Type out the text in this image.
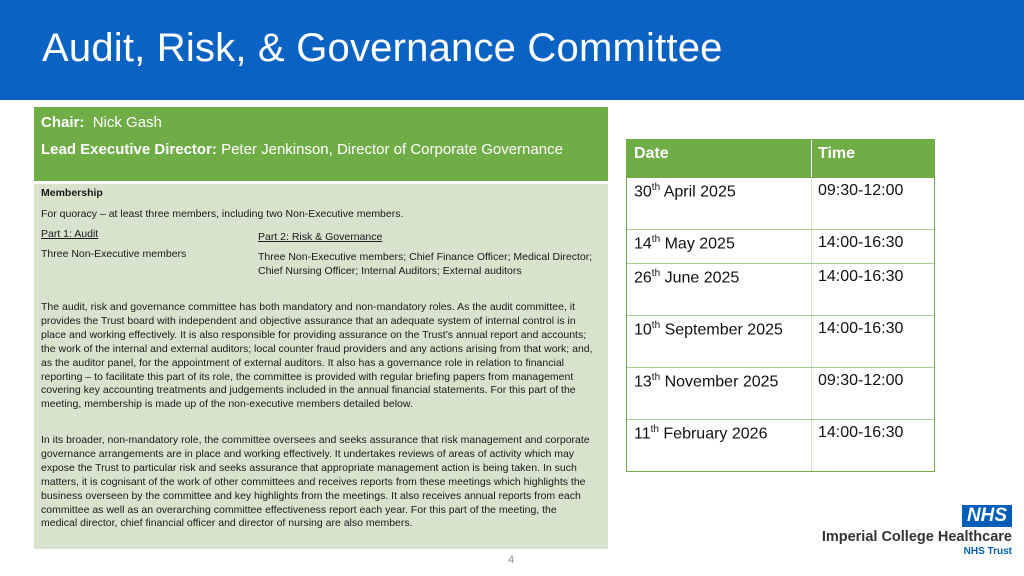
Audit, Risk, & Governance Committee
Chair: Nick Gash
Lead Executive Director: Peter Jenkinson, Director of Corporate Governance
Membership
For quoracy – at least three members, including two Non-Executive members.
Part 1: Audit
Three Non-Executive members
Part 2: Risk & Governance
Three Non-Executive members; Chief Finance Officer; Medical Director; Chief Nursing Officer; Internal Auditors; External auditors
The audit, risk and governance committee has both mandatory and non-mandatory roles. As the audit committee, it provides the Trust board with independent and objective assurance that an adequate system of internal control is in place and working effectively. It is also responsible for providing assurance on the Trust’s annual report and accounts; the work of the internal and external auditors; local counter fraud providers and any actions arising from that work; and, as the auditor panel, for the appointment of external auditors. It also has a governance role in relation to financial reporting – to facilitate this part of its role, the committee is provided with regular briefing papers from management covering key accounting treatments and judgements included in the annual financial statements. For this part of the meeting, membership is made up of the non-executive members detailed below.
In its broader, non-mandatory role, the committee oversees and seeks assurance that risk management and corporate governance arrangements are in place and working effectively. It undertakes reviews of areas of activity which may expose the Trust to particular risk and seeks assurance that appropriate management action is being taken. In such matters, it is cognisant of the work of other committees and receives reports from these meetings which highlights the business overseen by the committee and key highlights from the meetings. It also receives annual reports from each committee as well as an overarching committee effectiveness report each year. For this part of the meeting, the medical director, chief financial officer and director of nursing are also members.
Date	Time
30th April 2025	09:30-12:00
14th May 2025	14:00-16:30
26th June 2025	14:00-16:30
10th September 2025	14:00-16:30
13th November 2025	09:30-12:00
11th February 2026	14:00-16:30
4
NHS
Imperial College Healthcare
NHS Trust
